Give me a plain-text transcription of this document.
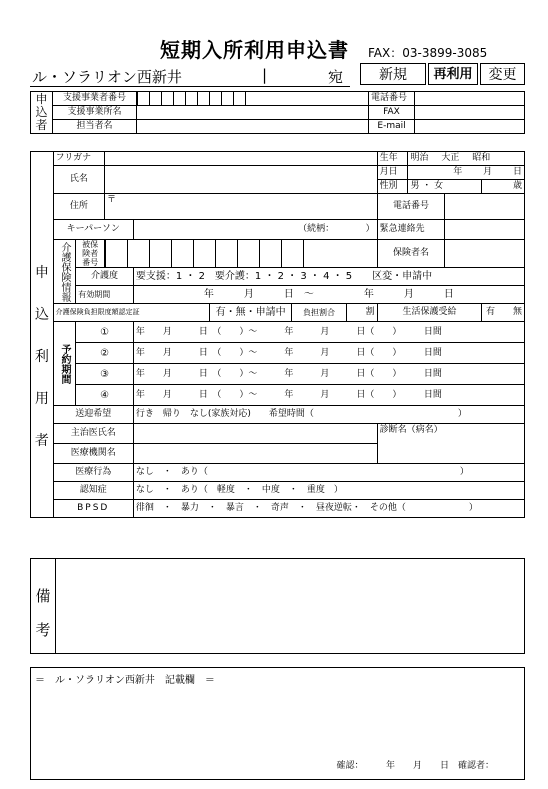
短期入所利用申込書 FAX：03-3899-3085
ル・ソラリオン西新井	|	宛	新規	再利用	変更
申込者	支援事業者番号		電話番号	
	支援事業所名		FAX	
	担当者名		E-mail	
申込利用者	フリガナ							生年	明治 大正 昭和		
	氏名							月日	年 月 日		
								性別	男 ・ 女		歳
	住所		〒					電話番号			
	キーパーソン			（続柄：　　　　）				緊急連絡先			
	介護保険情報	被保険者番号						保険者名			
		介護度		要支援：1 ・ 2　要介護：1 ・ 2 ・ 3 ・ 4 ・ 5　　区変・申請中							
		有効期間		年　　　月　　　日　～　　　　　年　　　月　　　日							
	介護保険負担限度額認定証				有・無・申請中	負担割合	割	生活保護受給			有　　無
	予約期間	①		年　　月　　　日　（　　）～　　　年　　　月　　　日（　　）　　　日間							
		②		年　　月　　　日　（　　）～　　　年　　　月　　　日（　　）　　　日間							
		③		年　　月　　　日　（　　）～　　　年　　　月　　　日（　　）　　　日間							
		④		年　　月　　　日　（　　）～　　　年　　　月　　　日（　　）　　　日間							
	送迎希望			行き　帰り　なし(家族対応)　　希望時間（　　　　　　　　　　　　　　　　）							
	主治医氏名							診断名（病名）			
	医療機関名										
	医療行為			なし　・　あり（　　　　　　　　　　　　　　　　　　　　　　　　　　　　）							
	認知症			なし　・　あり（　軽度　・　中度　・　重度　）							
	BPSD			徘徊　・　暴力　・　暴言　・　奇声　・　昼夜逆転・　その他（　　　　　　　）							
備考
＝　ル・ソラリオン西新井　記載欄　＝
確認：　　　年　　月　　日　確認者：
